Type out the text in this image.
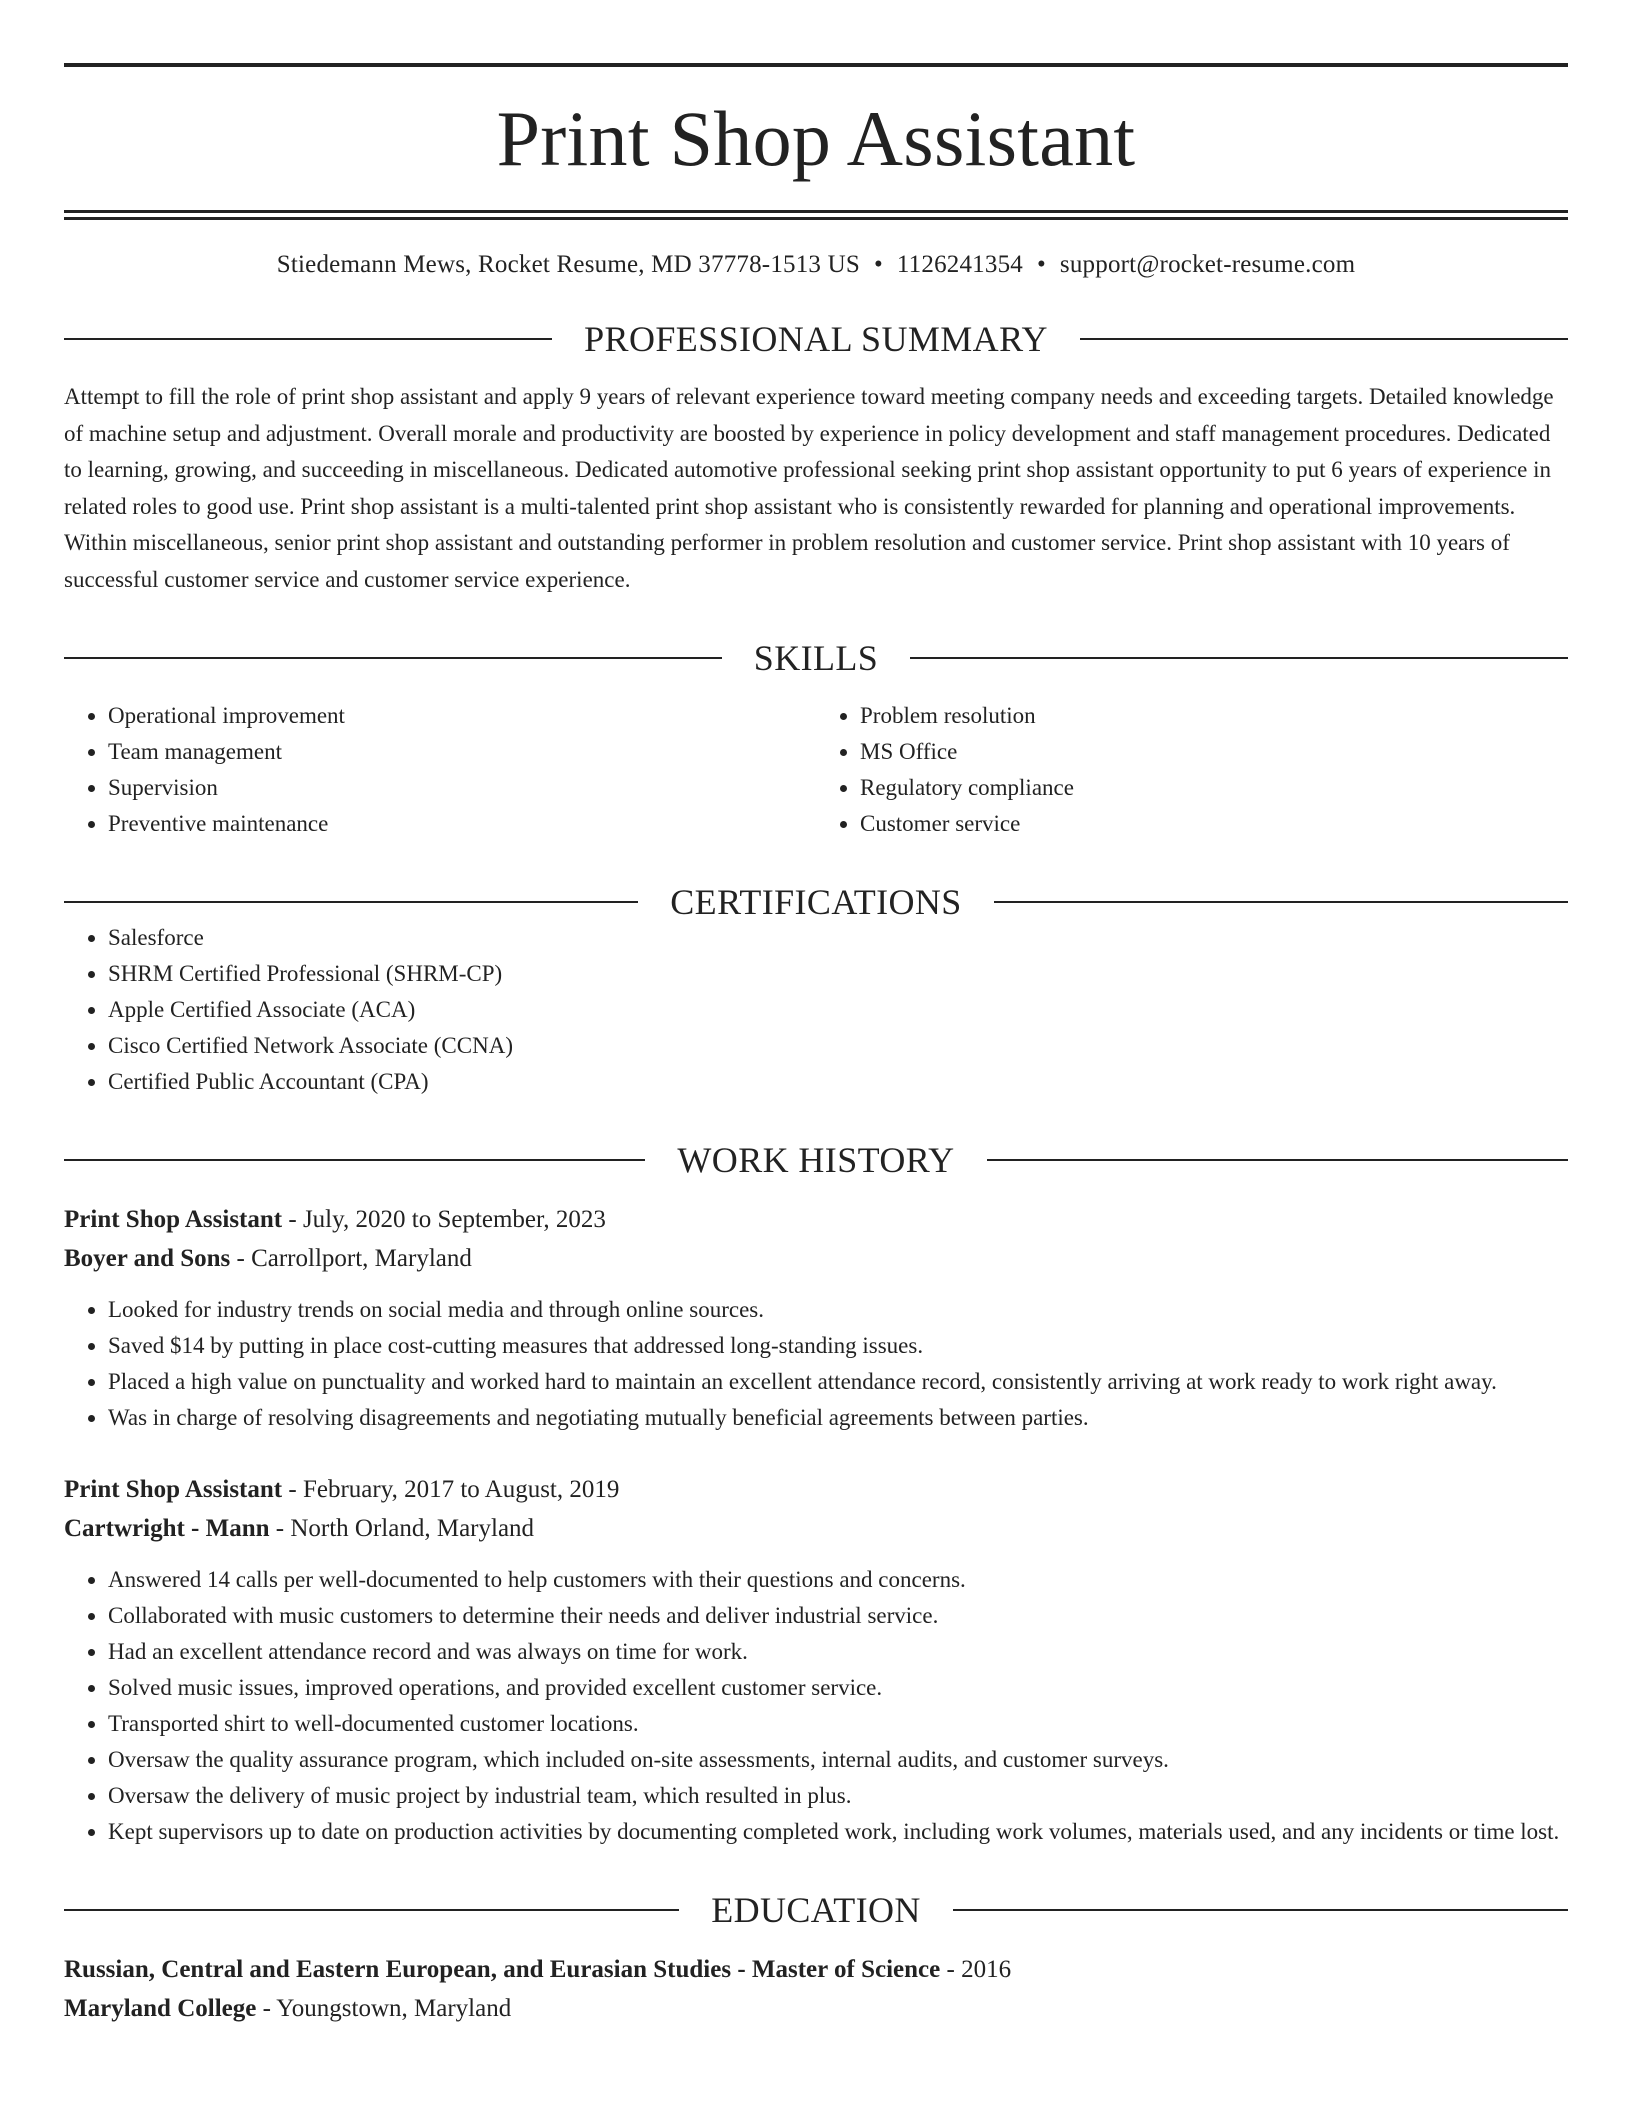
Print Shop Assistant
Stiedemann Mews, Rocket Resume, MD 37778-1513 US • 1126241354 • support@rocket-resume.com
PROFESSIONAL SUMMARY

Attempt to fill the role of print shop assistant and apply 9 years of relevant experience toward meeting company needs and exceeding targets. Detailed knowledge of machine setup and adjustment. Overall morale and productivity are boosted by experience in policy development and staff management procedures. Dedicated to learning, growing, and succeeding in miscellaneous. Dedicated automotive professional seeking print shop assistant opportunity to put 6 years of experience in related roles to good use. Print shop assistant is a multi-talented print shop assistant who is consistently rewarded for planning and operational improvements. Within miscellaneous, senior print shop assistant and outstanding performer in problem resolution and customer service. Print shop assistant with 10 years of successful customer service and customer service experience.

SKILLS
• Operational improvement
• Team management
• Supervision
• Preventive maintenance
• Problem resolution
• MS Office
• Regulatory compliance
• Customer service
CERTIFICATIONS
• Salesforce
• SHRM Certified Professional (SHRM-CP)
• Apple Certified Associate (ACA)
• Cisco Certified Network Associate (CCNA)
• Certified Public Accountant (CPA)
WORK HISTORY
Print Shop Assistant - July, 2020 to September, 2023
Boyer and Sons - Carrollport, Maryland
• Looked for industry trends on social media and through online sources.
• Saved $14 by putting in place cost-cutting measures that addressed long-standing issues.
• Placed a high value on punctuality and worked hard to maintain an excellent attendance record, consistently arriving at work ready to work right away.
• Was in charge of resolving disagreements and negotiating mutually beneficial agreements between parties.
Print Shop Assistant - February, 2017 to August, 2019
Cartwright - Mann - North Orland, Maryland
• Answered 14 calls per well-documented to help customers with their questions and concerns.
• Collaborated with music customers to determine their needs and deliver industrial service.
• Had an excellent attendance record and was always on time for work.
• Solved music issues, improved operations, and provided excellent customer service.
• Transported shirt to well-documented customer locations.
• Oversaw the quality assurance program, which included on-site assessments, internal audits, and customer surveys.
• Oversaw the delivery of music project by industrial team, which resulted in plus.
• Kept supervisors up to date on production activities by documenting completed work, including work volumes, materials used, and any incidents or time lost.
EDUCATION
Russian, Central and Eastern European, and Eurasian Studies - Master of Science - 2016
Maryland College - Youngstown, Maryland
